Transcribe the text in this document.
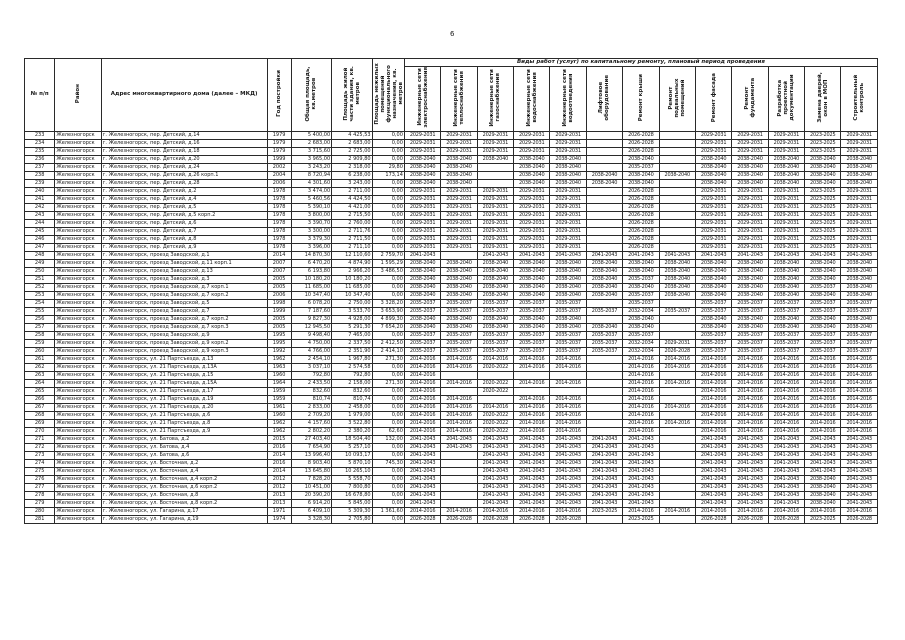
6
№ п/п	Район	Адрес многоквартирного дома (далее – МКД)	Год постройки	Общая площадь, кв.метров	Площадь жилой части здания, кв. метров	Площадь нежилых помещений функционального назначения, кв. метров	Виды работ (услуг) по капитальному ремонту, плановый период проведения												
							Инженерные сети электроснабжения	Инженерные сети теплоснабжения	Инженерные сети газоснабжения	Инженерные сети водоснабжения	Инженерные сети водоотведения	Лифтовое оборудование	Ремонт крыши	Ремонт подвальных помещений	Ремонт фасада	Ремонт фундамента	Разработка проектной документации	Замена дверей, окон в МОП	Строительный контроль
233	Железногорск	г. Железногорск, пер. Детский, д.14	1979	5 400,00	4 425,53	0,00	2029-2031	2029-2031	2029-2031	2029-2031	2029-2031		2026-2028		2029-2031	2029-2031	2029-2031	2023-2025	2029-2031
234	Железногорск	г. Железногорск, пер. Детский, д.16	1979	2 683,00	2 683,00	0,00	2029-2031	2029-2031	2029-2031	2029-2031	2029-2031		2026-2028		2029-2031	2029-2031	2029-2031	2023-2025	2029-2031
235	Железногорск	г. Железногорск, пер. Детский, д.18	1979	3 715,60	2 725,00	0,00	2029-2031	2029-2031	2029-2031	2029-2031	2029-2031		2026-2028		2029-2031	2029-2031	2029-2031	2023-2025	2029-2031
236	Железногорск	г. Железногорск, пер. Детский, д.20	1999	3 965,00	2 909,80	0,00	2038-2040	2038-2040	2038-2040	2038-2040	2038-2040		2038-2040		2038-2040	2038-2040	2038-2040	2038-2040	2038-2040
237	Железногорск	г. Железногорск, пер. Детский, д.24	2002	3 243,20	2 318,00	29,80	2038-2040	2038-2040		2038-2040	2038-2040		2035-2037		2038-2040	2038-2040	2038-2040	2038-2040	2038-2040
238	Железногорск	г. Железногорск, пер. Детский, д.26 корп.1	2004	8 720,94	6 238,00	173,14	2038-2040	2038-2040		2038-2040	2038-2040	2038-2040	2038-2040	2038-2040	2038-2040	2038-2040	2038-2040	2038-2040	2038-2040
239	Железногорск	г. Железногорск, пер. Детский, д.28	2006	4 301,60	3 243,00	0,00	2038-2040	2038-2040		2038-2040	2038-2040	2038-2040	2038-2040		2038-2040	2038-2040	2038-2040	2038-2040	2038-2040
240	Железногорск	г. Железногорск, пер. Детский, д.2	1978	3 474,00	2 711,00	0,00	2029-2031	2029-2031	2029-2031	2029-2031	2029-2031		2026-2028		2029-2031	2029-2031	2029-2031	2023-2025	2029-2031
241	Железногорск	г. Железногорск, пер. Детский, д.4	1978	5 460,56	4 424,50	0,00	2029-2031	2029-2031	2029-2031	2029-2031	2029-2031		2026-2028		2029-2031	2029-2031	2029-2031	2023-2025	2029-2031
242	Железногорск	г. Железногорск, пер. Детский, д.5	1978	5 390,10	4 421,00	0,00	2029-2031	2029-2031	2029-2031	2029-2031	2029-2031		2026-2028		2029-2031	2029-2031	2029-2031	2023-2025	2029-2031
243	Железногорск	г. Железногорск, пер. Детский, д.5 корп.2	1978	3 800,00	2 715,50	0,00	2029-2031	2029-2031	2029-2031	2029-2031	2029-2031		2026-2028		2029-2031	2029-2031	2029-2031	2023-2025	2029-2031
244	Железногорск	г. Железногорск, пер. Детский, д.6	1978	3 390,70	2 760,00	0,00	2029-2031	2029-2031	2029-2031	2029-2031	2029-2031		2026-2028		2029-2031	2029-2031	2029-2031	2023-2025	2029-2031
245	Железногорск	г. Железногорск, пер. Детский, д.7	1978	3 300,00	2 711,76	0,00	2029-2031	2029-2031	2029-2031	2029-2031	2029-2031		2026-2028		2029-2031	2029-2031	2029-2031	2023-2025	2029-2031
246	Железногорск	г. Железногорск, пер. Детский, д.8	1978	3 379,30	2 711,50	0,00	2029-2031	2029-2031	2029-2031	2029-2031	2029-2031		2026-2028		2029-2031	2029-2031	2029-2031	2023-2025	2029-2031
247	Железногорск	г. Железногорск, пер. Детский, д.9	1978	3 396,00	2 711,10	0,00	2029-2031	2029-2031	2029-2031	2029-2031	2029-2031		2026-2028		2029-2031	2029-2031	2029-2031	2023-2025	2029-2031
248	Железногорск	г. Железногорск, проезд Заводской, д.1	2014	14 870,30	12 110,60	2 759,70	2041-2043		2041-2043	2041-2043	2041-2043	2041-2043	2041-2043	2041-2043	2041-2043	2041-2043	2041-2043	2041-2043	2041-2043
249	Железногорск	г. Железногорск, проезд Заводской, д.11 корп.1	2007	6 470,20	4 874,90	1 595,29	2038-2040	2038-2040	2038-2040	2038-2040	2038-2040	2038-2040	2038-2040	2038-2040	2038-2040	2038-2040	2038-2040	2038-2040	2038-2040
250	Железногорск	г. Железногорск, проезд Заводской, д.13	2007	6 193,80	2 966,20	3 486,50	2038-2040	2038-2040	2038-2040	2038-2040	2038-2040	2038-2040	2038-2040	2038-2040	2038-2040	2038-2040	2038-2040	2038-2040	2038-2040
251	Железногорск	г. Железногорск, проезд Заводской, д.3	2005	10 180,20	10 180,20	0,00	2038-2040	2038-2040	2038-2040	2038-2040	2038-2040	2038-2040	2035-2037	2038-2040	2038-2040	2038-2040	2038-2040	2038-2040	2038-2040
252	Железногорск	г. Железногорск, проезд Заводской, д.7 корп.1	2005	11 685,00	11 685,00	0,00	2038-2040	2038-2040	2038-2040	2038-2040	2038-2040	2038-2040	2038-2040	2038-2040	2038-2040	2038-2040	2038-2040	2035-2037	2038-2040
253	Железногорск	г. Железногорск, проезд Заводской, д.7 корп.2	2006	10 347,40	10 347,40	0,00	2038-2040	2038-2040	2038-2040	2038-2040	2038-2040	2038-2040	2035-2037	2038-2040	2038-2040	2038-2040	2038-2040	2038-2040	2038-2040
254	Железногорск	г. Железногорск, проезд Заводской, д.5	1998	6 078,20	2 750,00	3 328,20	2035-2037	2035-2037	2035-2037	2035-2037	2035-2037		2035-2037		2035-2037	2035-2037	2035-2037	2035-2037	2035-2037
255	Железногорск	г. Железногорск, проезд Заводской, д.7	1999	7 187,60	3 533,70	3 653,90	2035-2037	2035-2037	2035-2037	2035-2037	2035-2037	2035-2037	2032-2034	2035-2037	2035-2037	2035-2037	2035-2037	2035-2037	2035-2037
256	Железногорск	г. Железногорск, проезд Заводской, д.7 корп.2	2005	9 827,30	4 928,00	4 899,30	2038-2040	2038-2040	2038-2040	2038-2040	2038-2040		2038-2040		2038-2040	2038-2040	2038-2040	2038-2040	2038-2040
257	Железногорск	г. Железногорск, проезд Заводской, д.7 корп.3	2005	12 945,50	5 291,30	7 654,20	2038-2040	2038-2040	2038-2040	2038-2040	2038-2040	2038-2040	2038-2040		2038-2040	2038-2040	2038-2040	2038-2040	2038-2040
258	Железногорск	г. Железногорск, проезд Заводской, д.9	1995	9 498,40	7 465,00	0,00	2035-2037	2035-2037	2035-2037	2035-2037	2035-2037	2035-2037	2035-2037		2035-2037	2035-2037	2035-2037	2035-2037	2035-2037
259	Железногорск	г. Железногорск, проезд Заводской, д.9 корп.2	1995	4 750,00	2 337,50	2 412,50	2035-2037	2035-2037	2035-2037	2035-2037	2035-2037	2035-2037	2032-2034	2029-2031	2035-2037	2035-2037	2035-2037	2035-2037	2035-2037
260	Железногорск	г. Железногорск, проезд Заводской, д.9 корп.3	1992	4 766,00	2 351,90	2 414,10	2035-2037	2035-2037	2035-2037	2035-2037	2035-2037	2035-2037	2032-2034	2026-2028	2035-2037	2035-2037	2035-2037	2035-2037	2035-2037
261	Железногорск	г. Железногорск, ул. 21 Партсъезда, д.13	1962	2 454,10	1 967,80	271,30	2014-2016	2014-2016	2014-2016	2014-2016	2014-2016		2014-2016	2014-2016	2014-2016	2014-2016	2014-2016	2014-2016	2014-2016
262	Железногорск	г. Железногорск, ул. 21 Партсъезда, д.13А	1963	3 037,10	2 574,58	0,00	2014-2016	2014-2016	2020-2022	2014-2016	2014-2016		2014-2016	2014-2016	2014-2016	2014-2016	2014-2016	2014-2016	2014-2016
263	Железногорск	г. Железногорск, ул. 21 Партсъезда, д.15	1960	792,80	792,80	0,00	2014-2016						2014-2016		2014-2016	2014-2016	2014-2016	2014-2016	2014-2016
264	Железногорск	г. Железногорск, ул. 21 Партсъезда, д.15А	1964	2 433,50	2 158,00	271,30	2014-2016	2014-2016	2020-2022	2014-2016	2014-2016		2014-2016	2014-2016	2014-2016	2014-2016	2014-2016	2014-2016	2014-2016
265	Железногорск	г. Железногорск, ул. 21 Партсъезда, д.17	1959	832,60	832,60	0,00	2014-2016		2020-2022				2014-2016		2014-2016	2014-2016	2014-2016	2014-2016	2014-2016
266	Железногорск	г. Железногорск, ул. 21 Партсъезда, д.19	1959	810,74	810,74	0,00	2014-2016	2014-2016		2014-2016	2014-2016		2014-2016		2014-2016	2014-2016	2014-2016	2014-2016	2014-2016
267	Железногорск	г. Железногорск, ул. 21 Партсъезда, д.20	1961	2 833,00	2 458,00	0,00	2014-2016	2014-2016	2014-2016	2014-2016	2014-2016		2014-2016	2014-2016	2014-2016	2014-2016	2014-2016	2014-2016	2014-2016
268	Железногорск	г. Железногорск, ул. 21 Партсъезда, д.6	1960	2 709,20	1 979,00	0,00	2014-2016	2014-2016	2020-2022	2014-2016	2014-2016		2014-2016		2014-2016	2014-2016	2014-2016	2014-2016	2014-2016
269	Железногорск	г. Железногорск, ул. 21 Партсъезда, д.8	1962	4 157,60	3 522,80	0,00	2014-2016	2014-2016	2020-2022	2014-2016	2014-2016		2014-2016	2014-2016	2014-2016	2014-2016	2014-2016	2014-2016	2014-2016
270	Железногорск	г. Железногорск, ул. 21 Партсъезда, д.9	1962	2 802,20	2 380,20	62,60	2014-2016	2014-2016	2020-2022	2014-2016	2014-2016		2014-2016		2014-2016	2014-2016	2014-2016	2014-2016	2014-2016
271	Железногорск	г. Железногорск, ул. Батова, д.2	2015	27 403,40	18 504,40	132,00	2041-2043	2041-2043	2041-2043	2041-2043	2041-2043	2041-2043	2041-2043		2041-2043	2041-2043	2041-2043	2041-2043	2041-2043
272	Железногорск	г. Железногорск, ул. Батова, д.4	2016	7 654,90	5 257,10	0,00	2041-2043	2041-2043	2041-2043	2041-2043	2041-2043	2041-2043	2041-2043		2041-2043	2041-2043	2041-2043	2041-2043	2041-2043
273	Железногорск	г. Железногорск, ул. Батова, д.6	2014	13 996,40	10 093,17	0,00	2041-2043		2041-2043	2041-2043	2041-2043	2041-2043	2041-2043		2041-2043	2041-2043	2041-2043	2041-2043	2041-2043
274	Железногорск	г. Железногорск, ул. Восточная, д.2	2016	8 903,40	5 870,10	745,30	2041-2043		2041-2043	2041-2043	2041-2043	2041-2043	2041-2043		2041-2043	2041-2043	2041-2043	2041-2043	2041-2043
275	Железногорск	г. Железногорск, ул. Восточная, д.4	2014	13 645,80	10 265,10	0,00	2041-2043		2041-2043	2041-2043	2041-2043	2041-2043	2041-2043		2041-2043	2041-2043	2041-2043	2041-2043	2041-2043
276	Железногорск	г. Железногорск, ул. Восточная, д.4 корп.2	2012	7 828,20	5 558,70	0,00	2041-2043		2041-2043	2041-2043	2041-2043	2041-2043	2041-2043		2041-2043	2041-2043	2041-2043	2038-2040	2041-2043
277	Железногорск	г. Железногорск, ул. Восточная, д.6 корп.2	2012	10 451,00	7 800,80	0,00	2041-2043		2041-2043	2041-2043	2041-2043	2041-2043	2041-2043		2041-2043	2041-2043	2041-2043	2038-2040	2041-2043
278	Железногорск	г. Железногорск, ул. Восточная, д.8	2013	20 390,20	16 678,80	0,00	2041-2043		2041-2043	2041-2043	2041-2043	2041-2043	2041-2043		2041-2043	2041-2043	2041-2043	2038-2040	2041-2043
279	Железногорск	г. Железногорск, ул. Восточная, д.8 корп.2	2013	6 914,20	5 845,00	0,00	2041-2043		2041-2043	2041-2043	2041-2043	2041-2043	2041-2043		2041-2043	2041-2043	2041-2043	2038-2040	2041-2043
280	Железногорск	г. Железногорск, ул. Гагарина, д.17	1971	6 409,10	5 309,30	1 361,60	2014-2016	2014-2016	2014-2016	2014-2016	2014-2016	2023-2025	2014-2016	2014-2016	2014-2016	2014-2016	2014-2016	2014-2016	2014-2016
281	Железногорск	г. Железногорск, ул. Гагарина, д.19	1974	3 328,30	2 705,80	0,00	2026-2028	2026-2028	2026-2028	2026-2028	2026-2028		2023-2025		2026-2028	2026-2028	2026-2028	2023-2025	2026-2028
